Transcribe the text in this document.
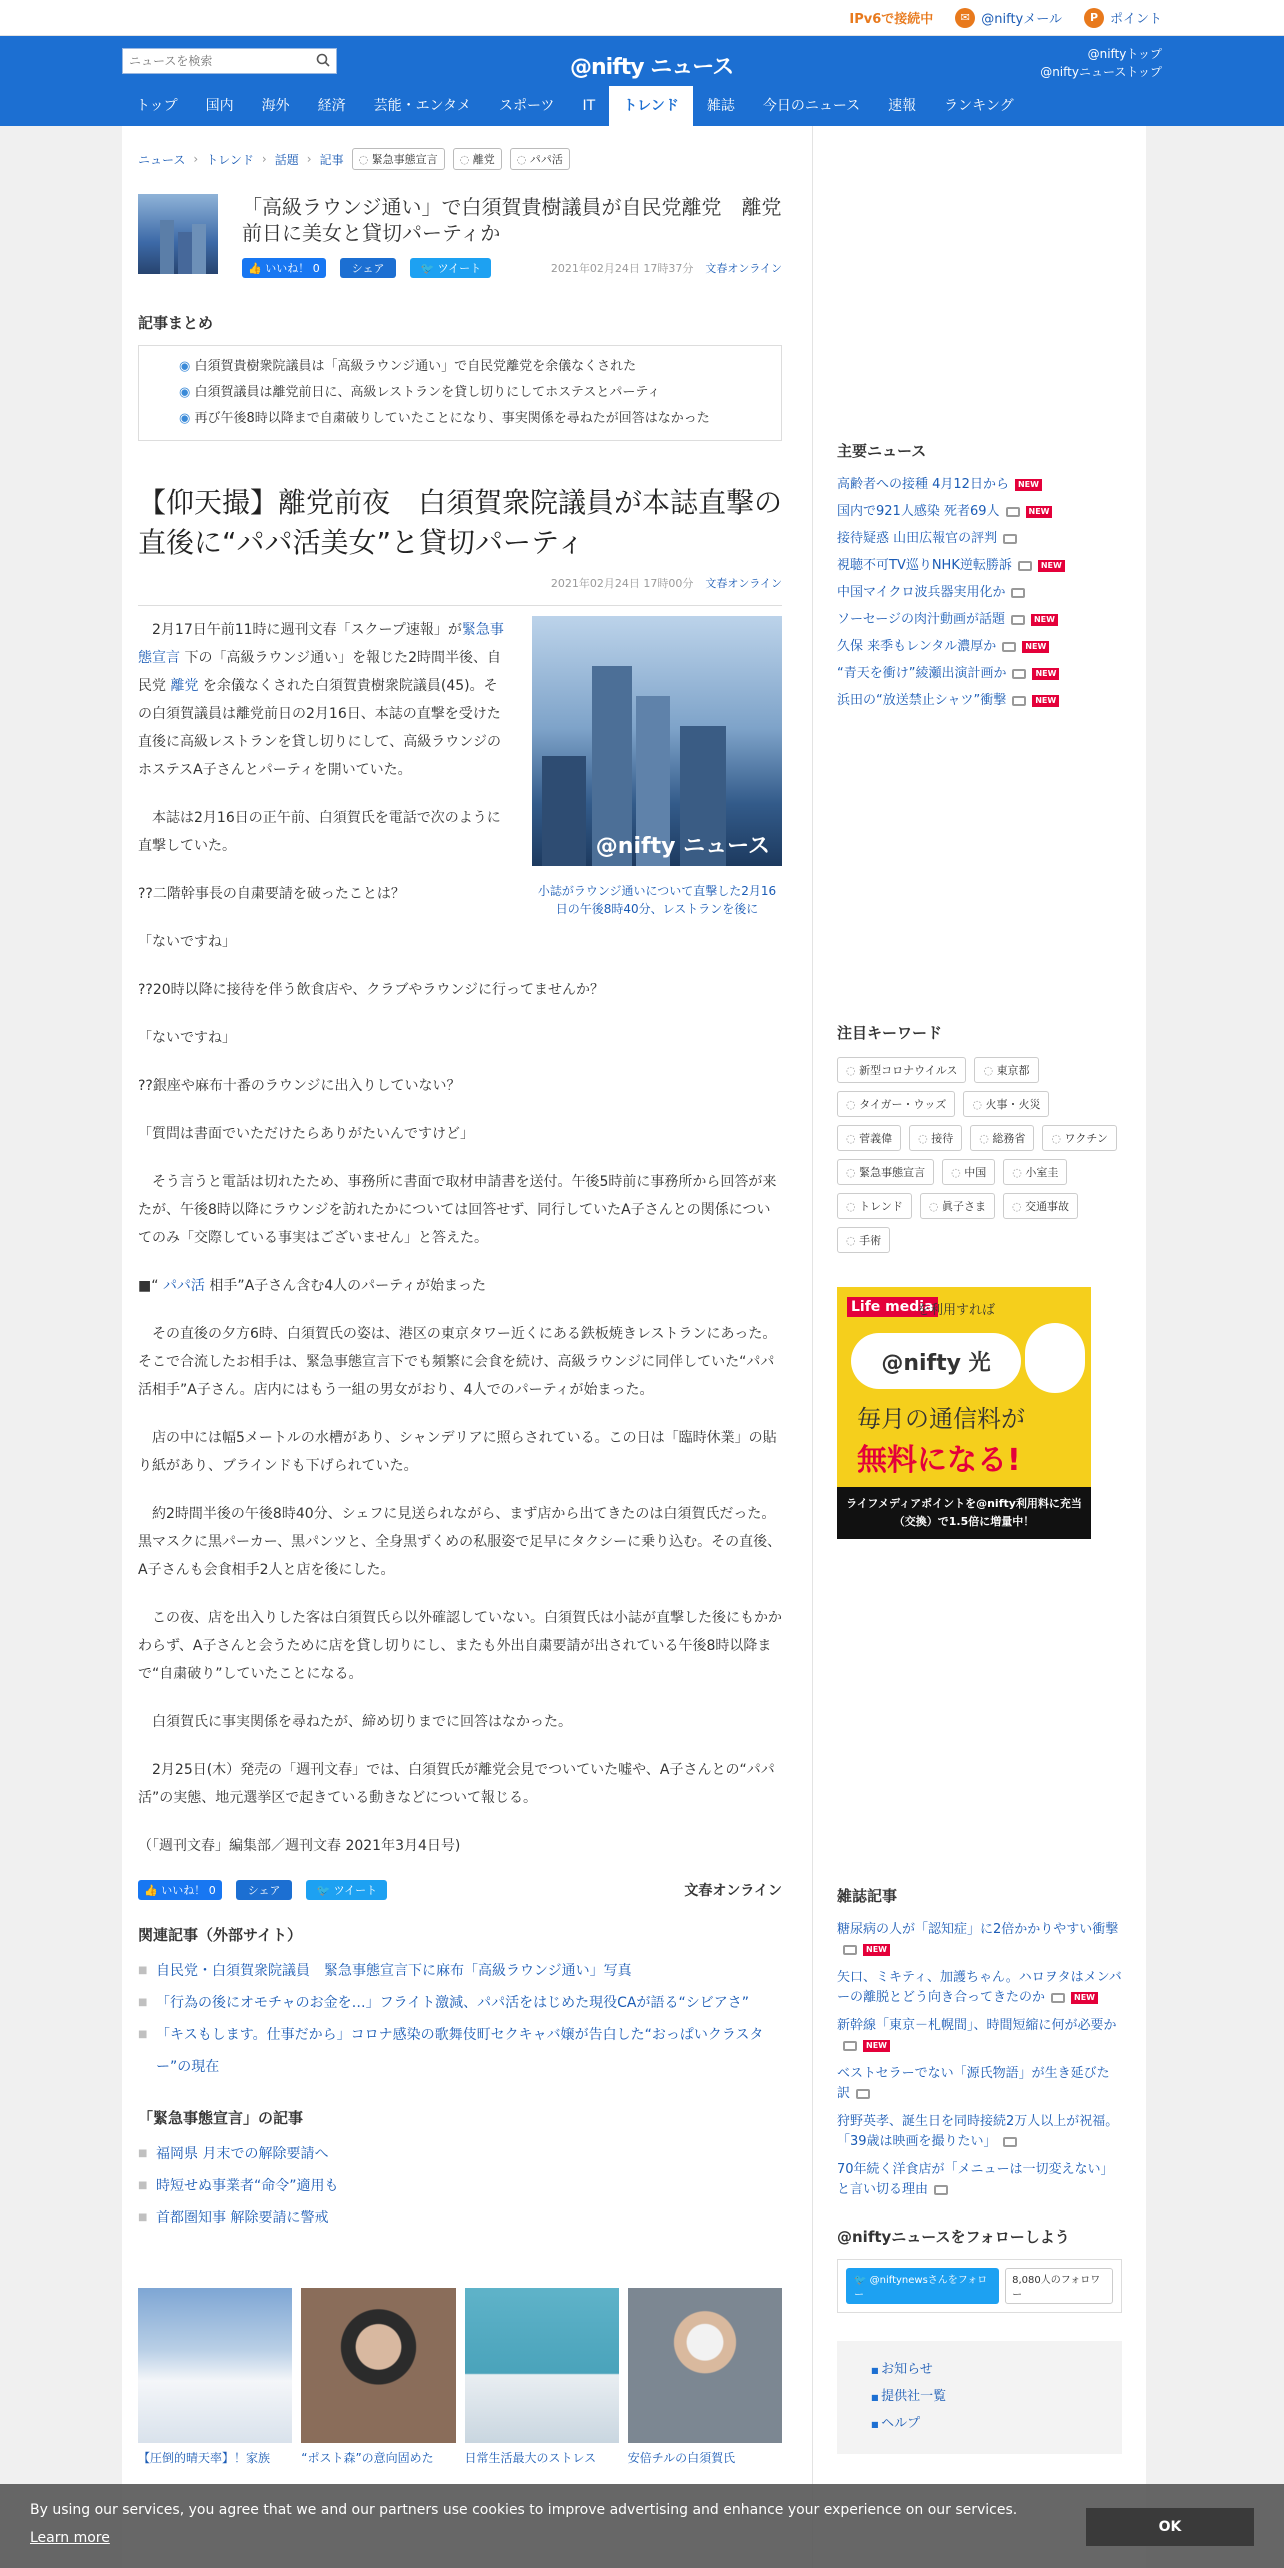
IPv6で接続中	✉ @niftyメール	P ポイント
ニュースを検索
@nifty ニュース
@niftyトップ
@niftyニューストップ
トップ	国内	海外	経済	芸能・エンタメ	スポーツ	IT	トレンド	雑誌	今日のニュース	速報	ランキング
ニュース › トレンド › 話題 › 記事	◌ 緊急事態宣言	◌ 離党	◌ パパ活
「高級ラウンジ通い」で白須賀貴樹議員が自民党離党　離党前日に美女と貸切パーティか
👍 いいね！ 0	シェア	🐦 ツイート	2021年02月24日 17時37分 文春オンライン
記事まとめ
◉ 白須賀貴樹衆院議員は「高級ラウンジ通い」で自民党離党を余儀なくされた
◉ 白須賀議員は離党前日に、高級レストランを貸し切りにしてホステスとパーティ
◉ 再び午後8時以降まで自粛破りしていたことになり、事実関係を尋ねたが回答はなかった
【仰天撮】離党前夜　白須賀衆院議員が本誌直撃の直後に“パパ活美女”と貸切パーティ
2021年02月24日 17時00分 文春オンライン
@nifty ニュース
小誌がラウンジ通いについて直撃した2月16日の午後8時40分、レストランを後に

　2月17日午前11時に週刊文春「スクープ速報」が緊急事態宣言 下の「高級ラウンジ通い」を報じた2時間半後、自民党 離党 を余儀なくされた白須賀貴樹衆院議員(45)。その白須賀議員は離党前日の2月16日、本誌の直撃を受けた直後に高級レストランを貸し切りにして、高級ラウンジのホステスA子さんとパーティを開いていた。

　本誌は2月16日の正午前、白須賀氏を電話で次のように直撃していた。

??二階幹事長の自粛要請を破ったことは？

「ないですね」

??20時以降に接待を伴う飲食店や、クラブやラウンジに行ってませんか？

「ないですね」

??銀座や麻布十番のラウンジに出入りしていない？

「質問は書面でいただけたらありがたいんですけど」

　そう言うと電話は切れたため、事務所に書面で取材申請書を送付。午後5時前に事務所から回答が来たが、午後8時以降にラウンジを訪れたかについては回答せず、同行していたA子さんとの関係についてのみ「交際している事実はございません」と答えた。

■“ パパ活 相手”A子さん含む4人のパーティが始まった

　その直後の夕方6時、白須賀氏の姿は、港区の東京タワー近くにある鉄板焼きレストランにあった。そこで合流したお相手は、緊急事態宣言下でも頻繁に会食を続け、高級ラウンジに同伴していた“パパ活相手”A子さん。店内にはもう一組の男女がおり、4人でのパーティが始まった。

　店の中には幅5メートルの水槽があり、シャンデリアに照らされている。この日は「臨時休業」の貼り紙があり、ブラインドも下げられていた。

　約2時間半後の午後8時40分、シェフに見送られながら、まず店から出てきたのは白須賀氏だった。黒マスクに黒パーカー、黒パンツと、全身黒ずくめの私服姿で足早にタクシーに乗り込む。その直後、A子さんも会食相手2人と店を後にした。

　この夜、店を出入りした客は白須賀氏ら以外確認していない。白須賀氏は小誌が直撃した後にもかかわらず、A子さんと会うために店を貸し切りにし、またも外出自粛要請が出されている午後8時以降まで“自粛破り”していたことになる。

　白須賀氏に事実関係を尋ねたが、締め切りまでに回答はなかった。

　2月25日(木）発売の「週刊文春」では、白須賀氏が離党会見でついていた嘘や、A子さんとの“パパ活”の実態、地元選挙区で起きている動きなどについて報じる。

（「週刊文春」編集部／週刊文春 2021年3月4日号)

👍 いいね！ 0	シェア	🐦 ツイート	文春オンライン
関連記事（外部サイト）
■ 自民党・白須賀衆院議員　緊急事態宣言下に麻布「高級ラウンジ通い」写真
■ 「行為の後にオモチャのお金を…」フライト激減、パパ活をはじめた現役CAが語る“シビアさ”
■ 「キスもします。仕事だから」コロナ感染の歌舞伎町セクキャバ嬢が告白した“おっぱいクラスター”の現在
「緊急事態宣言」の記事
■ 福岡県 月末での解除要請へ
■ 時短せぬ事業者“命令”適用も
■ 首都圏知事 解除要請に警戒
【圧倒的晴天率】！家族	“ポスト森”の意向固めた	日常生活最大のストレス	安倍チルの白須賀氏
主要ニュース
高齢者への接種 4月12日から NEW
国内で921人感染 死者69人	NEW
接待疑惑 山田広報官の評判
視聴不可TV巡りNHK逆転勝訴	NEW
中国マイクロ波兵器実用化か
ソーセージの肉汁動画が話題	NEW
久保 来季もレンタル濃厚か	NEW
“青天を衝け”綾瀬出演計画か	NEW
浜田の“放送禁止シャツ”衝撃	NEW
注目キーワード
◌ 新型コロナウイルス	◌ 東京都
◌ タイガー・ウッズ	◌ 火事・火災
◌ 菅義偉	◌ 接待	◌ 総務省	◌ ワクチン
◌ 緊急事態宣言	◌ 中国	◌ 小室圭
◌ トレンド	◌ 眞子さま	◌ 交通事故
◌ 手術
Life media
を利用すれば
@nifty 光
毎月の通信料が
無料になる!
ライフメディアポイントを@nifty利用料に充当（交換）で1.5倍に増量中！
雑誌記事
糖尿病の人が「認知症」に2倍かかりやすい衝撃NEW
矢口、ミキティ、加護ちゃん。ハロヲタはメンバーの離脱とどう向き合ってきたのか	NEW
新幹線「東京－札幌間」、時間短縮に何が必要かNEW
ベストセラーでない「源氏物語」が生き延びた訳
狩野英孝、誕生日を同時接続2万人以上が祝福。「39歳は映画を撮りたい」
70年続く洋食店が「メニューは一切変えない」と言い切る理由
@niftyニュースをフォローしよう
🐦 @niftynewsさんをフォロー
8,080人のフォロワー
■ お知らせ
■ 提供社一覧
■ ヘルプ
By using our services, you agree that we and our partners use cookies to improve advertising and enhance your experience on our services.
Learn more
OK
